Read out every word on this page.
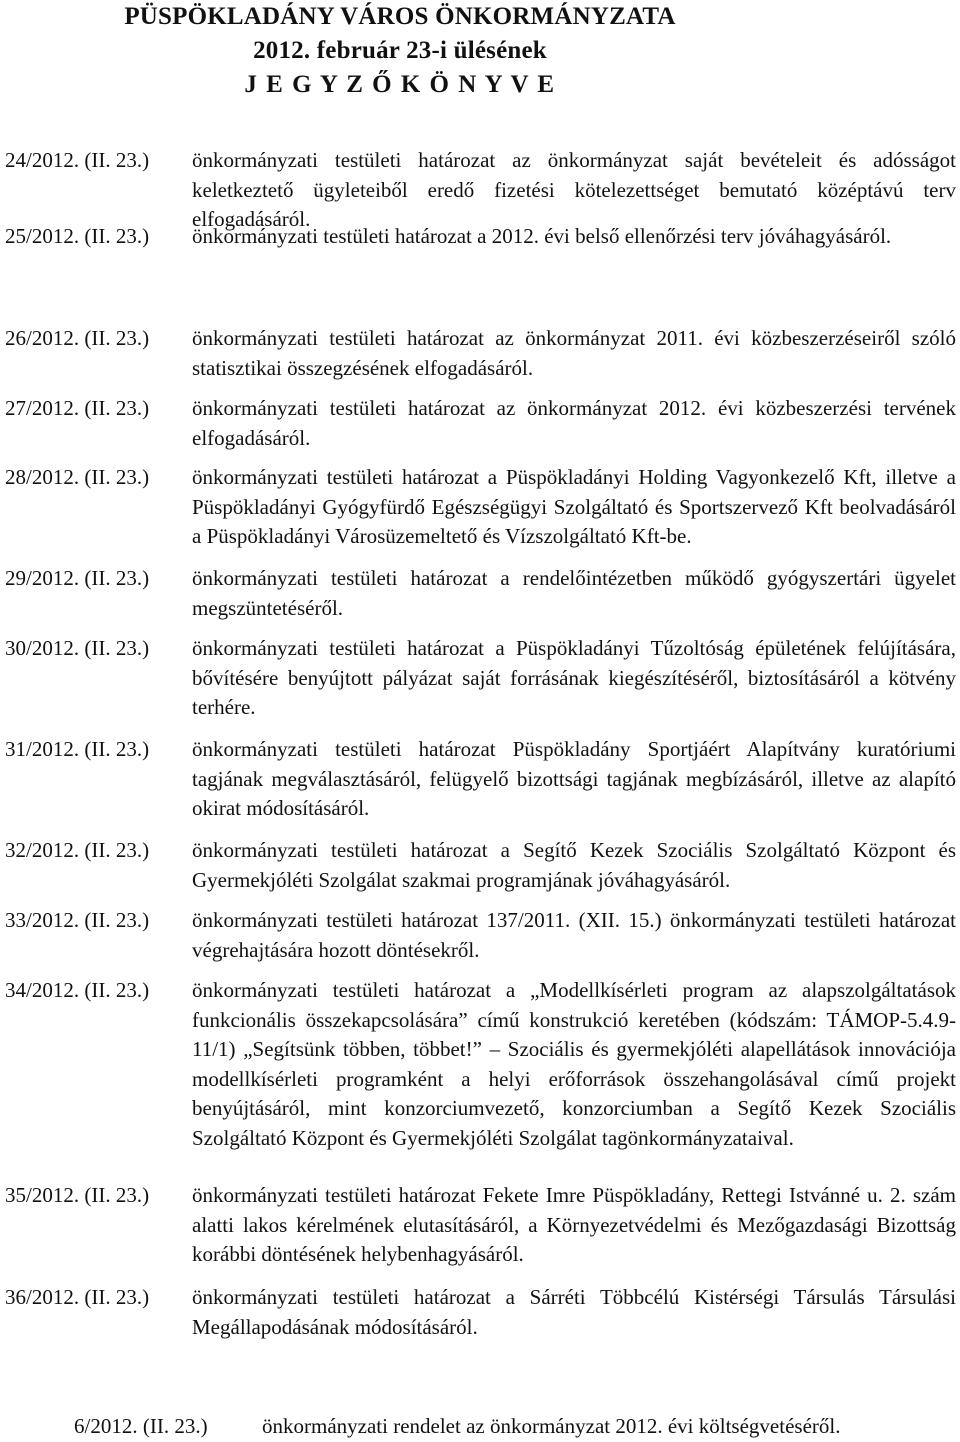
PÜSPÖKLADÁNY VÁROS ÖNKORMÁNYZATA
2012. február 23-i ülésének
J E G Y Z Ő K Ö N Y V E
24/2012. (II. 23.) önkormányzati testületi határozat az önkormányzat saját bevételeit és adósságot keletkeztető ügyleteiből eredő fizetési kötelezettséget bemutató középtávú terv elfogadásáról.
25/2012. (II. 23.) önkormányzati testületi határozat a 2012. évi belső ellenőrzési terv jóváhagyásáról.
26/2012. (II. 23.) önkormányzati testületi határozat az önkormányzat 2011. évi közbeszerzéseiről szóló statisztikai összegzésének elfogadásáról.
27/2012. (II. 23.) önkormányzati testületi határozat az önkormányzat 2012. évi közbeszerzési tervének elfogadásáról.
28/2012. (II. 23.) önkormányzati testületi határozat a Püspökladányi Holding Vagyonkezelő Kft, illetve a Püspökladányi Gyógyfürdő Egészségügyi Szolgáltató és Sportszervező Kft beolvadásáról a Püspökladányi Városüzemeltető és Vízszolgáltató Kft-be.
29/2012. (II. 23.) önkormányzati testületi határozat a rendelőintézetben működő gyógyszertári ügyelet megszüntetéséről.
30/2012. (II. 23.) önkormányzati testületi határozat a Püspökladányi Tűzoltóság épületének felújítására, bővítésére benyújtott pályázat saját forrásának kiegészítéséről, biztosításáról a kötvény terhére.
31/2012. (II. 23.) önkormányzati testületi határozat Püspökladány Sportjáért Alapítvány kuratóriumi tagjának megválasztásáról, felügyelő bizottsági tagjának megbízásáról, illetve az alapító okirat módosításáról.
32/2012. (II. 23.) önkormányzati testületi határozat a Segítő Kezek Szociális Szolgáltató Központ és Gyermekjóléti Szolgálat szakmai programjának jóváhagyásáról.
33/2012. (II. 23.) önkormányzati testületi határozat 137/2011. (XII. 15.) önkormányzati testületi határozat végrehajtására hozott döntésekről.
34/2012. (II. 23.) önkormányzati testületi határozat a „Modellkísérleti program az alapszolgáltatások funkcionális összekapcsolására” című konstrukció keretében (kódszám: TÁMOP-5.4.9-11/1) „Segítsünk többen, többet!” – Szociális és gyermekjóléti alapellátások innovációja modellkísérleti programként a helyi erőforrások összehangolásával című projekt benyújtásáról, mint konzorciumvezető, konzorciumban a Segítő Kezek Szociális Szolgáltató Központ és Gyermekjóléti Szolgálat tagönkormányzataival.
35/2012. (II. 23.) önkormányzati testületi határozat Fekete Imre Püspökladány, Rettegi Istvánné u. 2. szám alatti lakos kérelmének elutasításáról, a Környezetvédelmi és Mezőgazdasági Bizottság korábbi döntésének helybenhagyásáról.
36/2012. (II. 23.) önkormányzati testületi határozat a Sárréti Többcélú Kistérségi Társulás Társulási Megállapodásának módosításáról.
6/2012. (II. 23.)	önkormányzati rendelet az önkormányzat 2012. évi költségvetéséről.
